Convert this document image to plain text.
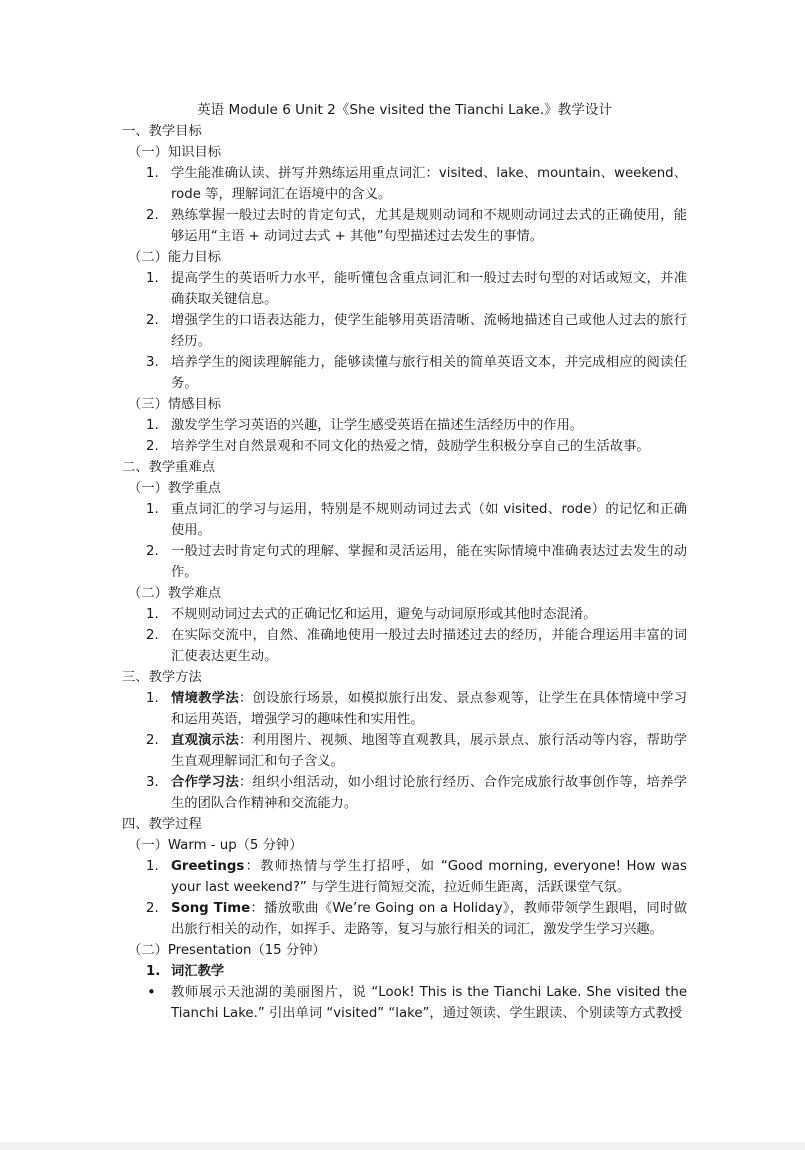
英语 Module 6 Unit 2《She visited the Tianchi Lake.》教学设计
一、教学目标
（一）知识目标
1. 学生能准确认读、拼写并熟练运用重点词汇：visited、lake、mountain、weekend、rode 等，理解词汇在语境中的含义。
2. 熟练掌握一般过去时的肯定句式，尤其是规则动词和不规则动词过去式的正确使用，能够运用“主语 + 动词过去式 + 其他”句型描述过去发生的事情。
（二）能力目标
1. 提高学生的英语听力水平，能听懂包含重点词汇和一般过去时句型的对话或短文，并准确获取关键信息。
2. 增强学生的口语表达能力，使学生能够用英语清晰、流畅地描述自己或他人过去的旅行经历。
3. 培养学生的阅读理解能力，能够读懂与旅行相关的简单英语文本，并完成相应的阅读任务。
（三）情感目标
1. 激发学生学习英语的兴趣，让学生感受英语在描述生活经历中的作用。
2. 培养学生对自然景观和不同文化的热爱之情，鼓励学生积极分享自己的生活故事。
二、教学重难点
（一）教学重点
1. 重点词汇的学习与运用，特别是不规则动词过去式（如 visited、rode）的记忆和正确使用。
2. 一般过去时肯定句式的理解、掌握和灵活运用，能在实际情境中准确表达过去发生的动作。
（二）教学难点
1. 不规则动词过去式的正确记忆和运用，避免与动词原形或其他时态混淆。
2. 在实际交流中，自然、准确地使用一般过去时描述过去的经历，并能合理运用丰富的词汇使表达更生动。
三、教学方法
1. 情境教学法：创设旅行场景，如模拟旅行出发、景点参观等，让学生在具体情境中学习和运用英语，增强学习的趣味性和实用性。
2. 直观演示法：利用图片、视频、地图等直观教具，展示景点、旅行活动等内容，帮助学生直观理解词汇和句子含义。
3. 合作学习法：组织小组活动，如小组讨论旅行经历、合作完成旅行故事创作等，培养学生的团队合作精神和交流能力。
四、教学过程
（一）Warm - up（5 分钟）
1. Greetings：教师热情与学生打招呼，如 “Good morning, everyone! How was your last weekend?” 与学生进行简短交流，拉近师生距离，活跃课堂气氛。
2. Song Time：播放歌曲《We’re Going on a Holiday》，教师带领学生跟唱，同时做出旅行相关的动作，如挥手、走路等，复习与旅行相关的词汇，激发学生学习兴趣。
（二）Presentation（15 分钟）
1. 词汇教学
• 教师展示天池湖的美丽图片，说 “Look! This is the Tianchi Lake. She visited the Tianchi Lake.” 引出单词 “visited” “lake”，通过领读、学生跟读、个别读等方式教授
